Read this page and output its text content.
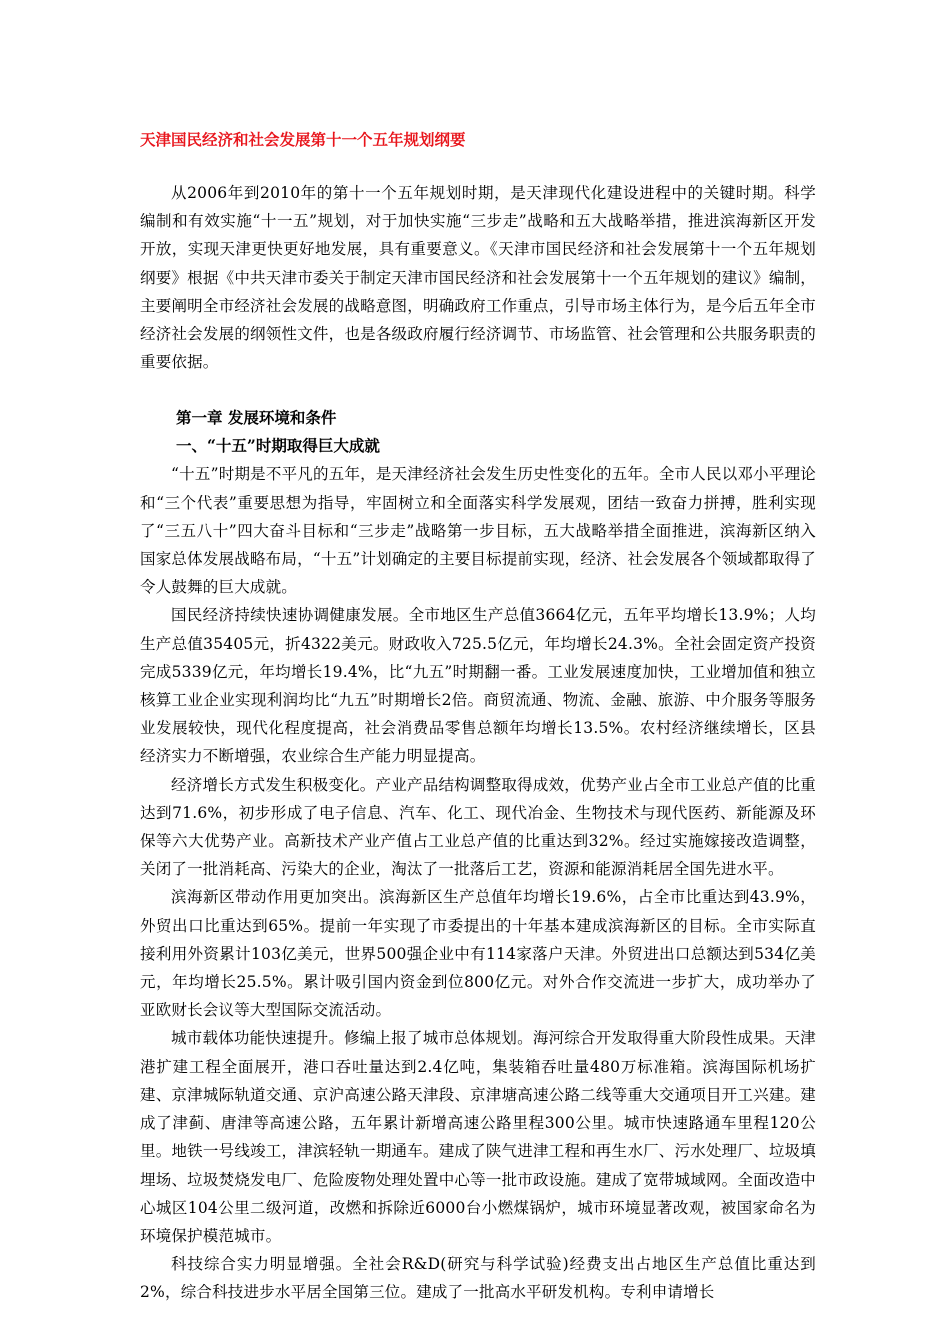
天津国民经济和社会发展第十一个五年规划纲要

从2006年到2010年的第十一个五年规划时期，是天津现代化建设进程中的关键时期。科学编制和有效实施“十一五”规划，对于加快实施“三步走”战略和五大战略举措，推进滨海新区开发开放，实现天津更快更好地发展，具有重要意义。《天津市国民经济和社会发展第十一个五年规划纲要》根据《中共天津市委关于制定天津市国民经济和社会发展第十一个五年规划的建议》编制，主要阐明全市经济社会发展的战略意图，明确政府工作重点，引导市场主体行为，是今后五年全市经济社会发展的纲领性文件，也是各级政府履行经济调节、市场监管、社会管理和公共服务职责的重要依据。

第一章 发展环境和条件
一、“十五”时期取得巨大成就

“十五”时期是不平凡的五年，是天津经济社会发生历史性变化的五年。全市人民以邓小平理论和“三个代表”重要思想为指导，牢固树立和全面落实科学发展观，团结一致奋力拼搏，胜利实现了“三五八十”四大奋斗目标和“三步走”战略第一步目标，五大战略举措全面推进，滨海新区纳入国家总体发展战略布局，“十五”计划确定的主要目标提前实现，经济、社会发展各个领域都取得了令人鼓舞的巨大成就。

国民经济持续快速协调健康发展。全市地区生产总值3664亿元，五年平均增长13.9%；人均生产总值35405元，折4322美元。财政收入725.5亿元，年均增长24.3%。全社会固定资产投资完成5339亿元，年均增长19.4%，比“九五”时期翻一番。工业发展速度加快，工业增加值和独立核算工业企业实现利润均比“九五”时期增长2倍。商贸流通、物流、金融、旅游、中介服务等服务业发展较快，现代化程度提高，社会消费品零售总额年均增长13.5%。农村经济继续增长，区县经济实力不断增强，农业综合生产能力明显提高。

经济增长方式发生积极变化。产业产品结构调整取得成效，优势产业占全市工业总产值的比重达到71.6%，初步形成了电子信息、汽车、化工、现代冶金、生物技术与现代医药、新能源及环保等六大优势产业。高新技术产业产值占工业总产值的比重达到32%。经过实施嫁接改造调整，关闭了一批消耗高、污染大的企业，淘汰了一批落后工艺，资源和能源消耗居全国先进水平。

滨海新区带动作用更加突出。滨海新区生产总值年均增长19.6%，占全市比重达到43.9%，外贸出口比重达到65%。提前一年实现了市委提出的十年基本建成滨海新区的目标。全市实际直接利用外资累计103亿美元，世界500强企业中有114家落户天津。外贸进出口总额达到534亿美元，年均增长25.5%。累计吸引国内资金到位800亿元。对外合作交流进一步扩大，成功举办了亚欧财长会议等大型国际交流活动。

城市载体功能快速提升。修编上报了城市总体规划。海河综合开发取得重大阶段性成果。天津港扩建工程全面展开，港口吞吐量达到2.4亿吨，集装箱吞吐量480万标准箱。滨海国际机场扩建、京津城际轨道交通、京沪高速公路天津段、京津塘高速公路二线等重大交通项目开工兴建。建成了津蓟、唐津等高速公路，五年累计新增高速公路里程300公里。城市快速路通车里程120公里。地铁一号线竣工，津滨轻轨一期通车。建成了陕气进津工程和再生水厂、污水处理厂、垃圾填埋场、垃圾焚烧发电厂、危险废物处理处置中心等一批市政设施。建成了宽带城域网。全面改造中心城区104公里二级河道，改燃和拆除近6000台小燃煤锅炉，城市环境显著改观，被国家命名为环境保护模范城市。

科技综合实力明显增强。全社会R&D(研究与科学试验)经费支出占地区生产总值比重达到2%，综合科技进步水平居全国第三位。建成了一批高水平研发机构。专利申请增长
